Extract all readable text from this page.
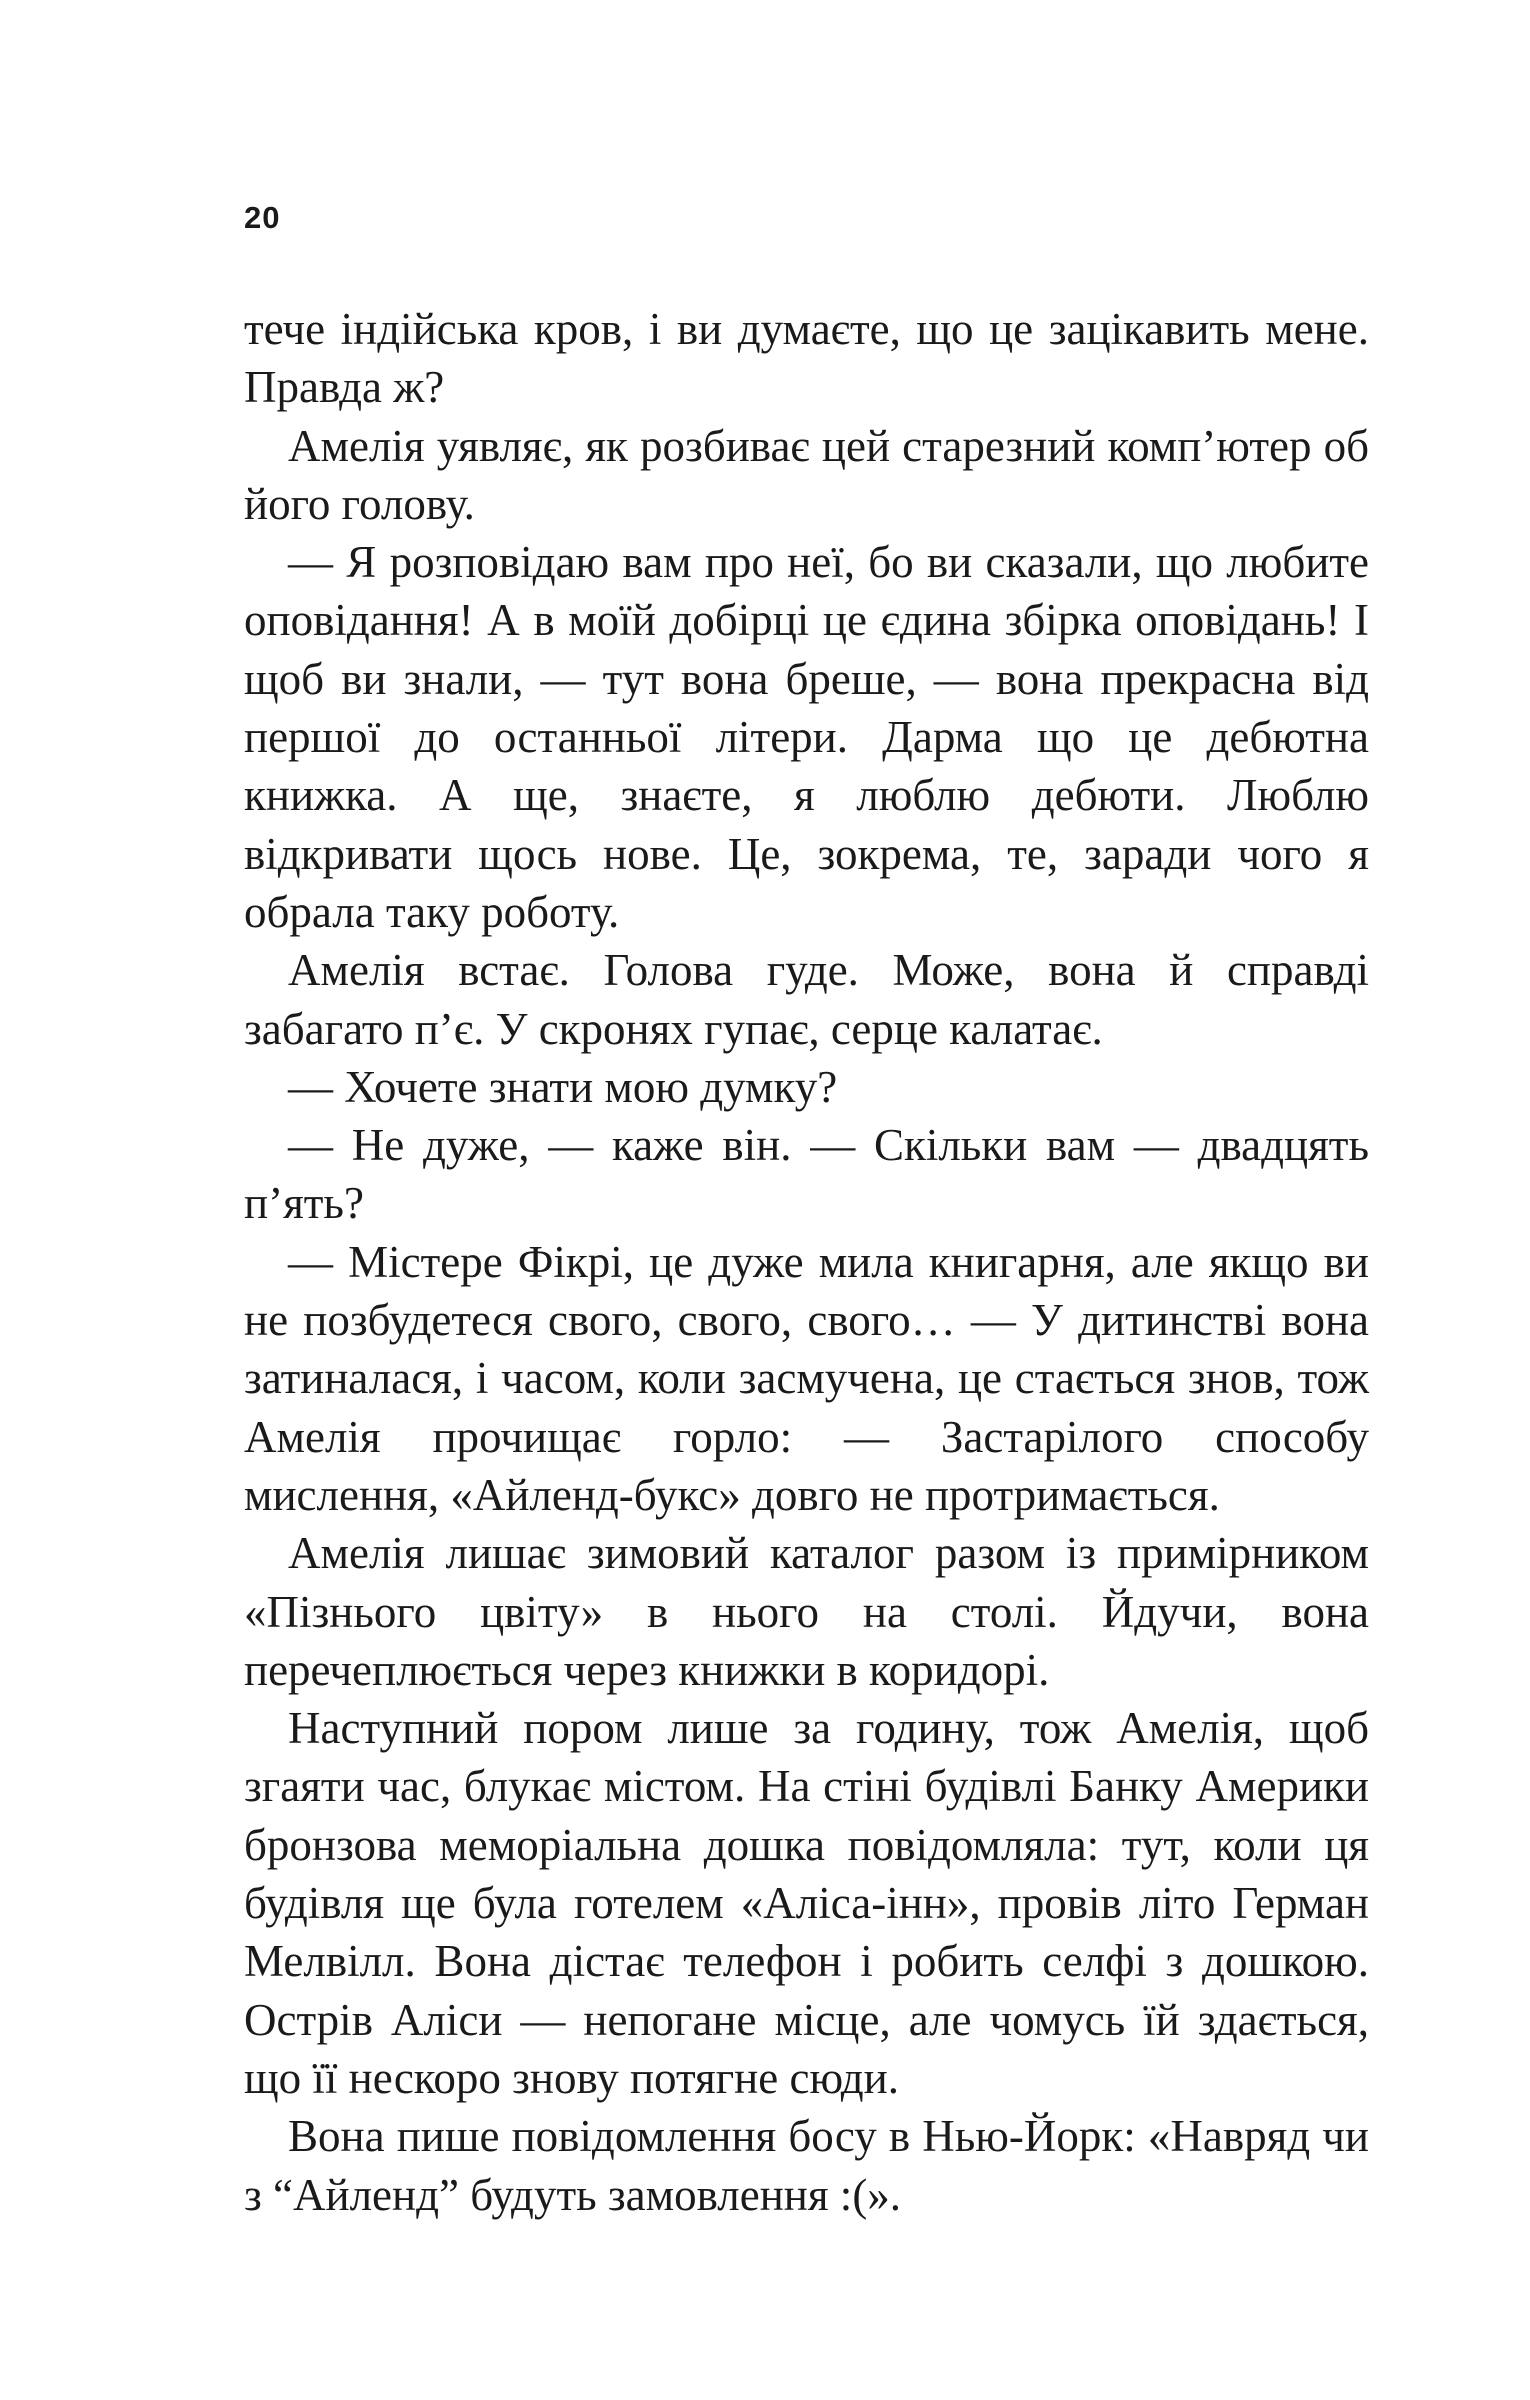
20

тече індійська кров, і ви думаєте, що це зацікавить мене. Правда ж?

Амелія уявляє, як розбиває цей старезний комп’ютер об його голову.

— Я розповідаю вам про неї, бо ви сказали, що любите оповідання! А в моїй добірці це єдина збірка оповідань! І щоб ви знали, — тут вона бреше, — вона прекрасна від першої до останньої літери. Дарма що це дебютна книжка. А ще, знаєте, я люблю дебюти. Люблю відкривати щось нове. Це, зокрема, те, заради чого я обрала таку роботу.

Амелія встає. Голова гуде. Може, вона й справді забагато п’є. У скронях гупає, серце калатає.

— Хочете знати мою думку?

— Не дуже, — каже він. — Скільки вам — двадцять п’ять?

— Містере Фікрі, це дуже мила книгарня, але якщо ви не позбудетеся свого, свого, свого… — У дитинстві вона затиналася, і часом, коли засмучена, це стається знов, тож Амелія прочищає горло: — Застарілого способу мислення, «Айленд-букс» довго не протримається.

Амелія лишає зимовий каталог разом із примірником «Пізнього цвіту» в нього на столі. Йдучи, вона перечеплюється через книжки в коридорі.

Наступний пором лише за годину, тож Амелія, щоб згаяти час, блукає містом. На стіні будівлі Банку Америки бронзова меморіальна дошка повідомляла: тут, коли ця будівля ще була готелем «Аліса-інн», провів літо Герман Мелвілл. Вона дістає телефон і робить селфі з дошкою. Острів Аліси — непогане місце, але чомусь їй здається, що її нескоро знову потягне сюди.

Вона пише повідомлення босу в Нью-Йорк: «Навряд чи з “Айленд” будуть замовлення :(».
